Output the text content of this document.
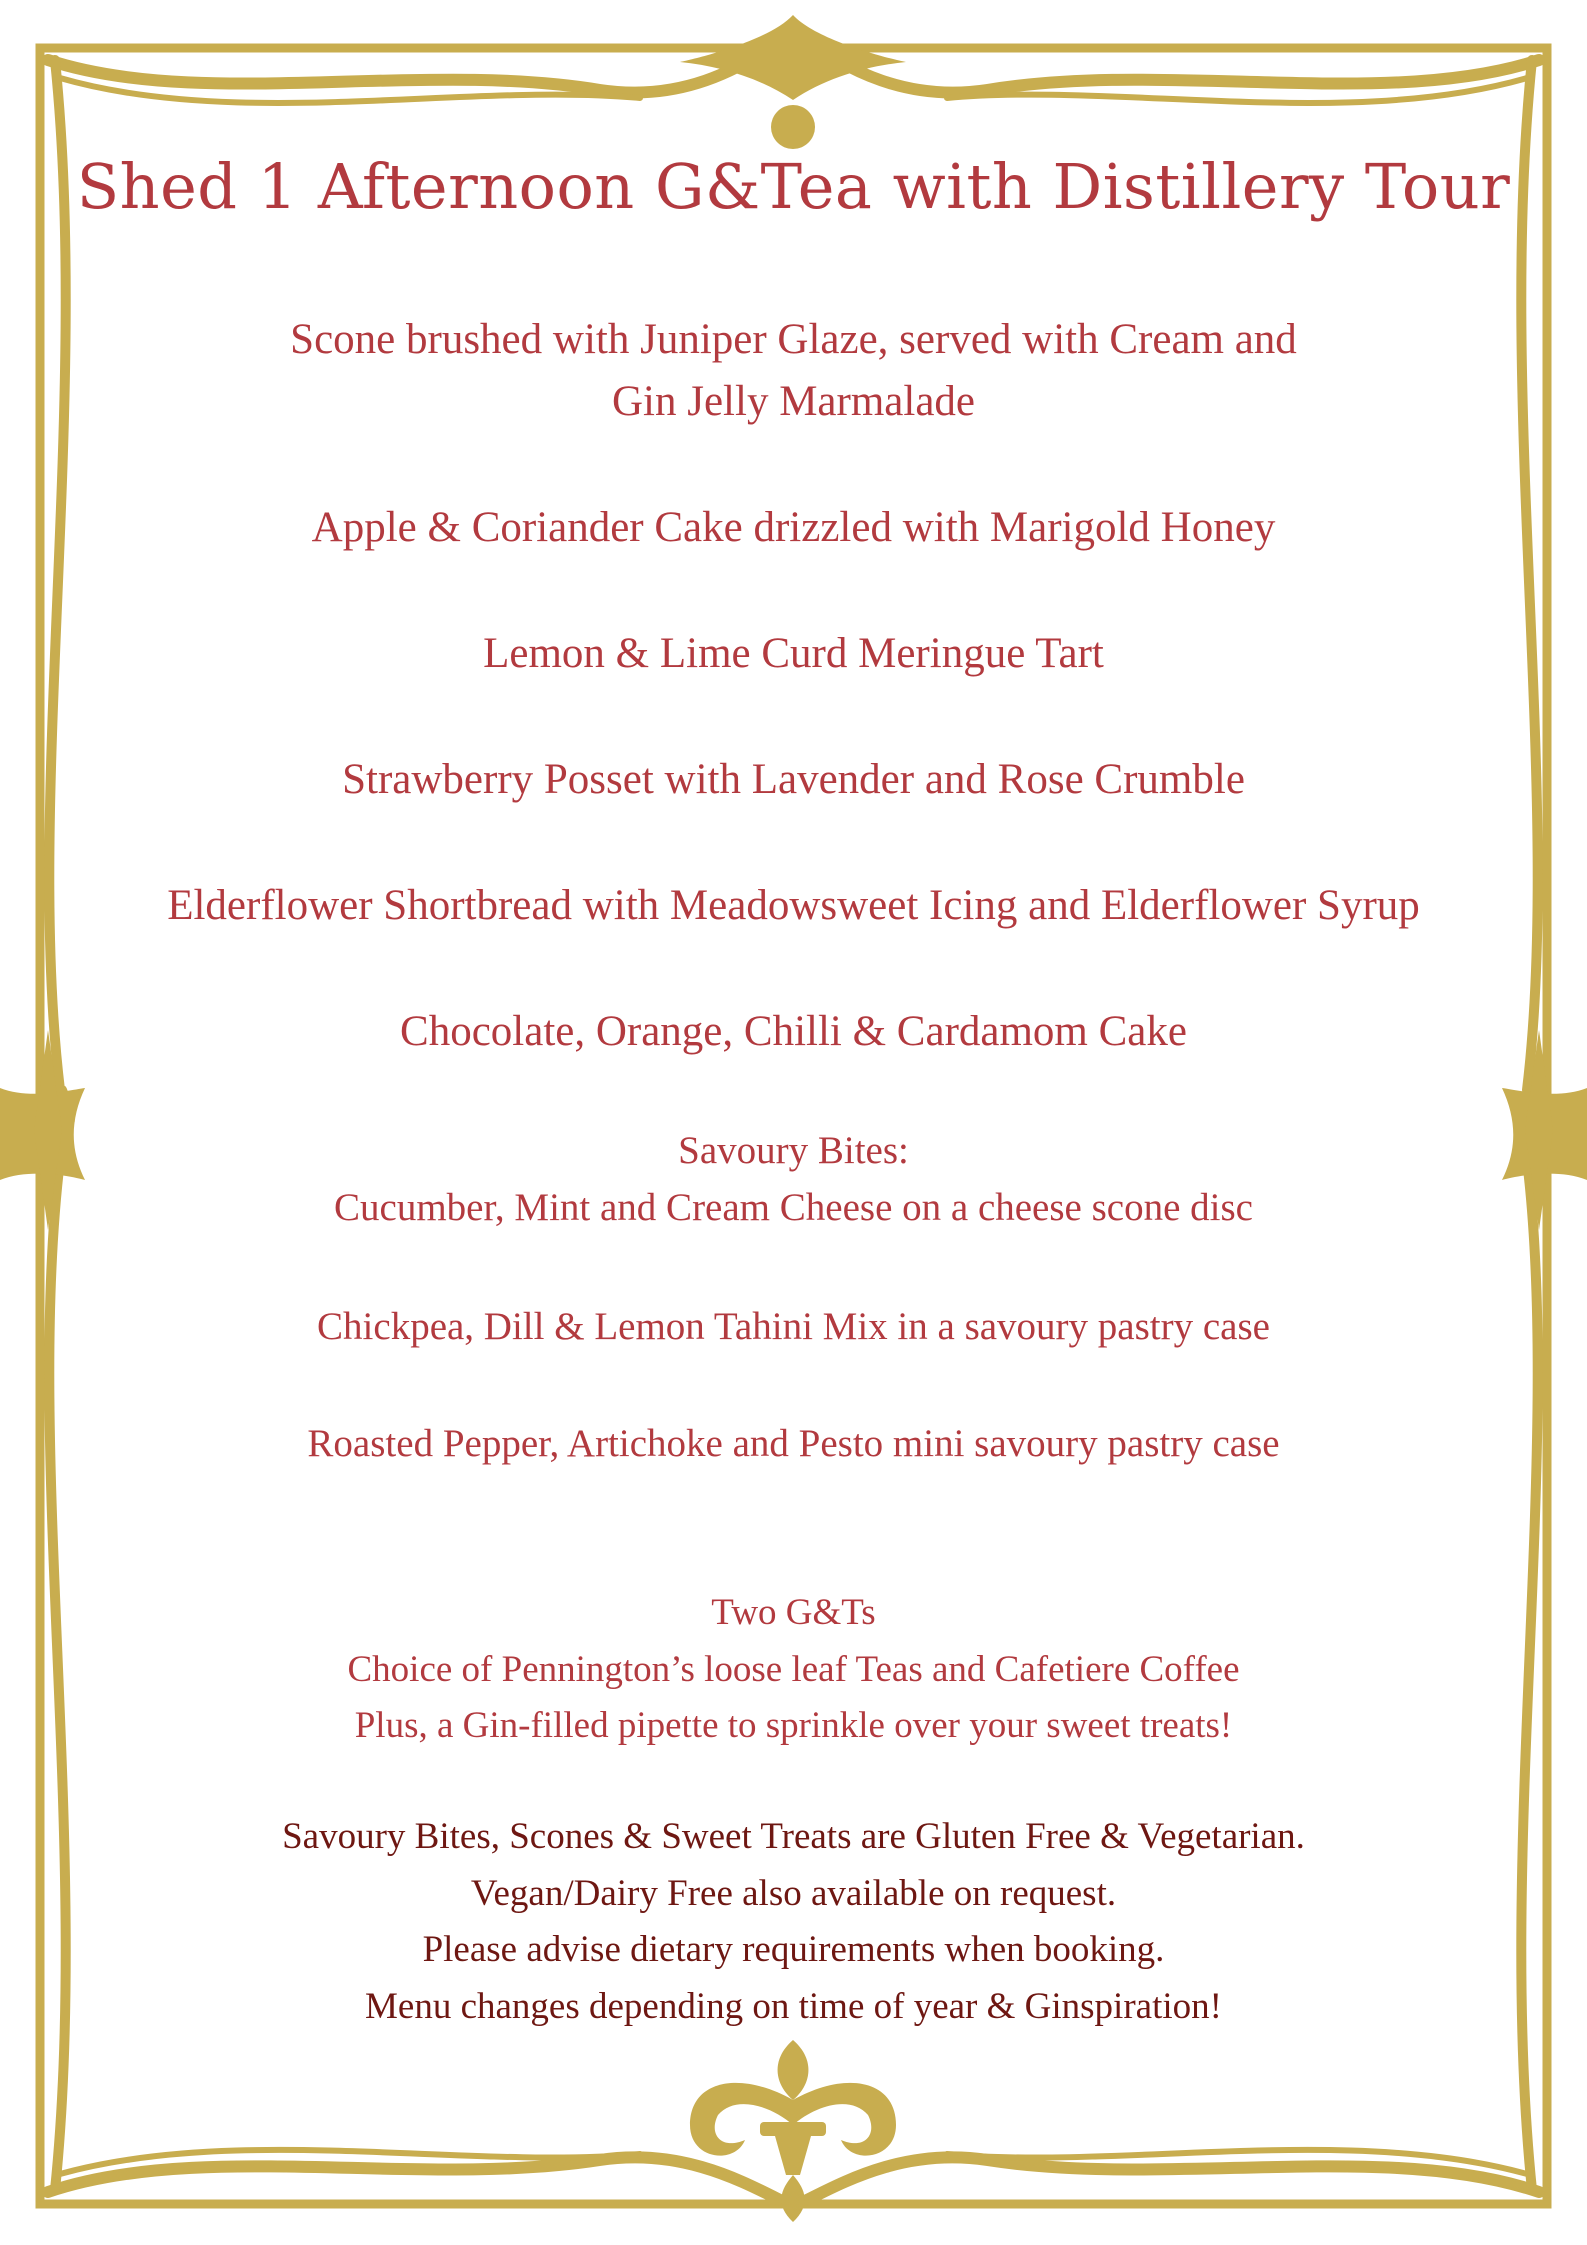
Shed 1 Afternoon G&Tea with Distillery Tour
Scone brushed with Juniper Glaze, served with Cream and
Gin Jelly Marmalade
Apple & Coriander Cake drizzled with Marigold Honey
Lemon & Lime Curd Meringue Tart
Strawberry Posset with Lavender and Rose Crumble
Elderflower Shortbread with Meadowsweet Icing and Elderflower Syrup
Chocolate, Orange, Chilli & Cardamom Cake
Savoury Bites:
Cucumber, Mint and Cream Cheese on a cheese scone disc
Chickpea, Dill & Lemon Tahini Mix in a savoury pastry case
Roasted Pepper, Artichoke and Pesto mini savoury pastry case
Two G&Ts
Choice of Pennington’s loose leaf Teas and Cafetiere Coffee
Plus, a Gin-filled pipette to sprinkle over your sweet treats!
Savoury Bites, Scones & Sweet Treats are Gluten Free & Vegetarian.
Vegan/Dairy Free also available on request.
Please advise dietary requirements when booking.
Menu changes depending on time of year & Ginspiration!
